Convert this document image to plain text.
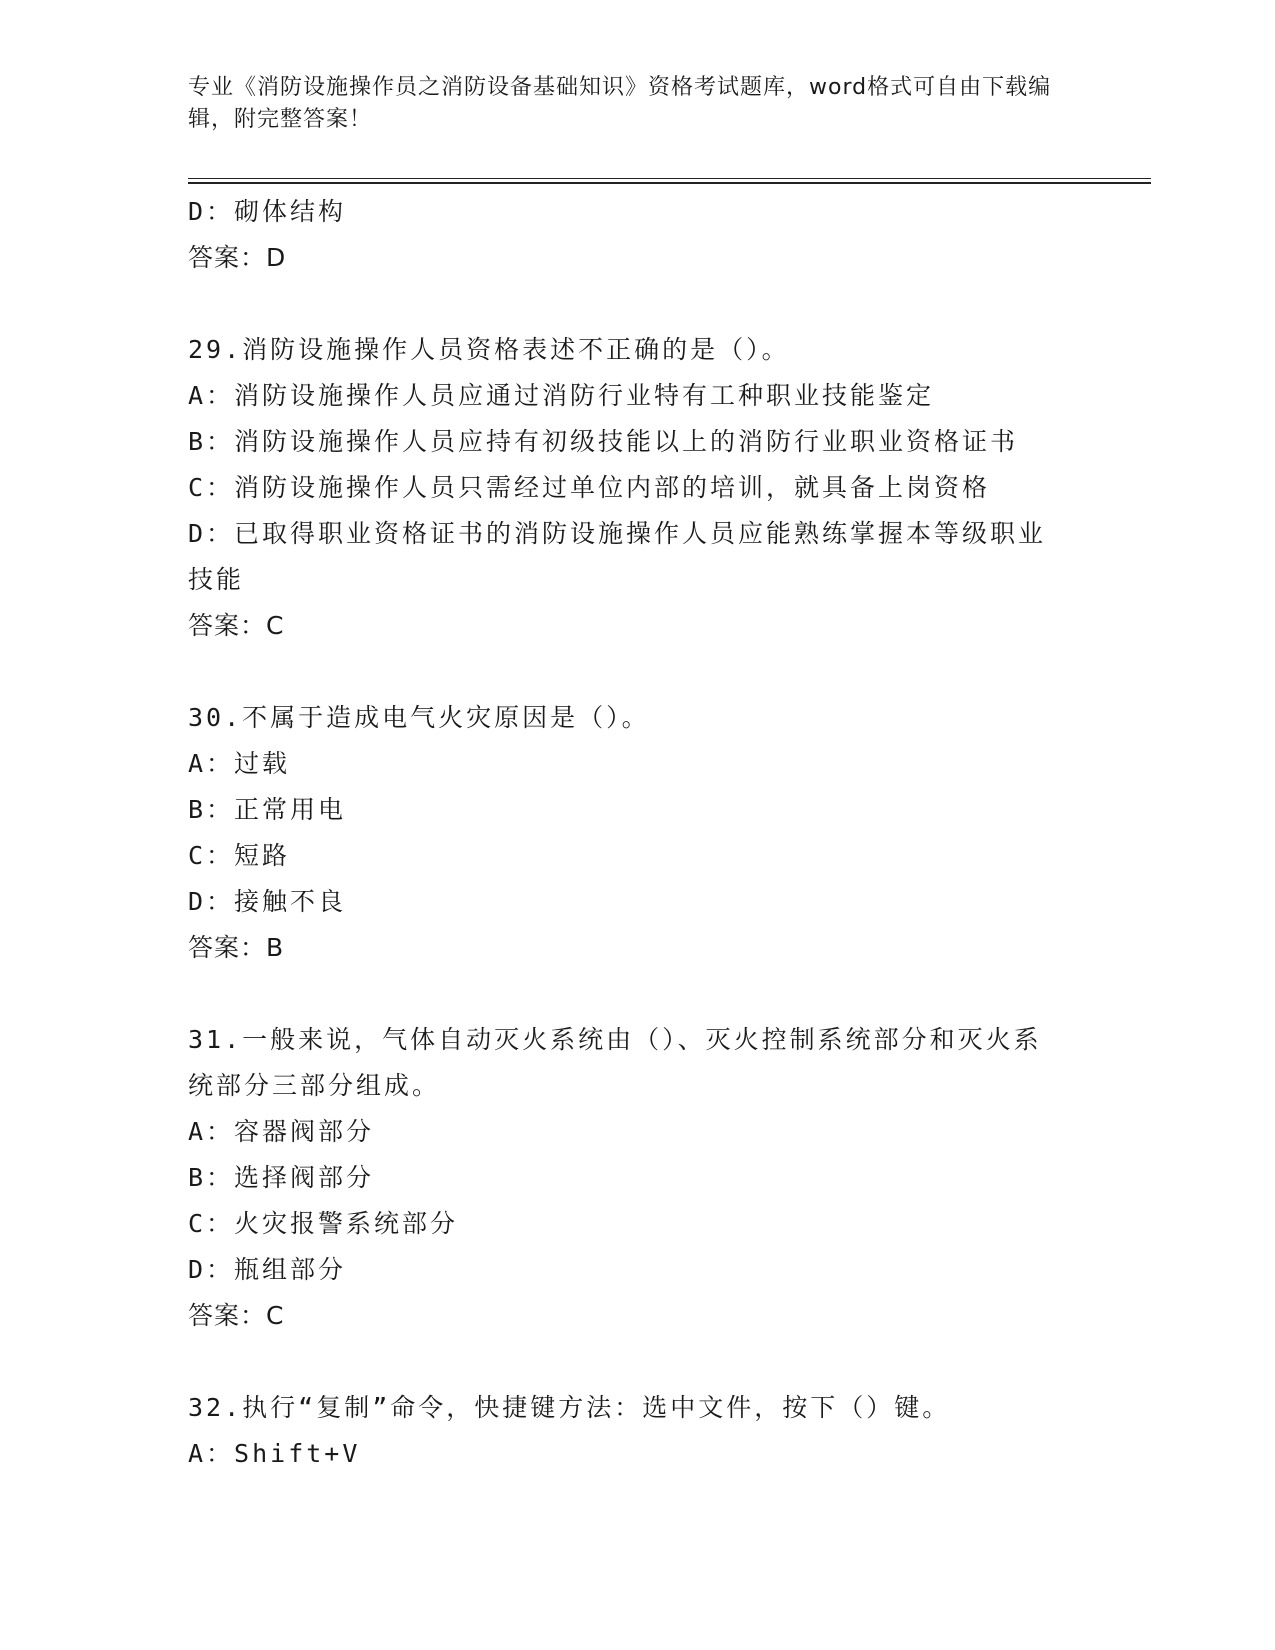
专业《消防设施操作员之消防设备基础知识》资格考试题库，word格式可自由下载编辑，附完整答案！
D：砌体结构
答案：D
29.消防设施操作人员资格表述不正确的是（）。
A：消防设施操作人员应通过消防行业特有工种职业技能鉴定
B：消防设施操作人员应持有初级技能以上的消防行业职业资格证书
C：消防设施操作人员只需经过单位内部的培训，就具备上岗资格
D：已取得职业资格证书的消防设施操作人员应能熟练掌握本等级职业
技能
答案：C
30.不属于造成电气火灾原因是（）。
A：过载
B：正常用电
C：短路
D：接触不良
答案：B
31.一般来说，气体自动灭火系统由（）、灭火控制系统部分和灭火系
统部分三部分组成。
A：容器阀部分
B：选择阀部分
C：火灾报警系统部分
D：瓶组部分
答案：C
32.执行“复制”命令，快捷键方法：选中文件，按下（）键。
A：Shift+V
